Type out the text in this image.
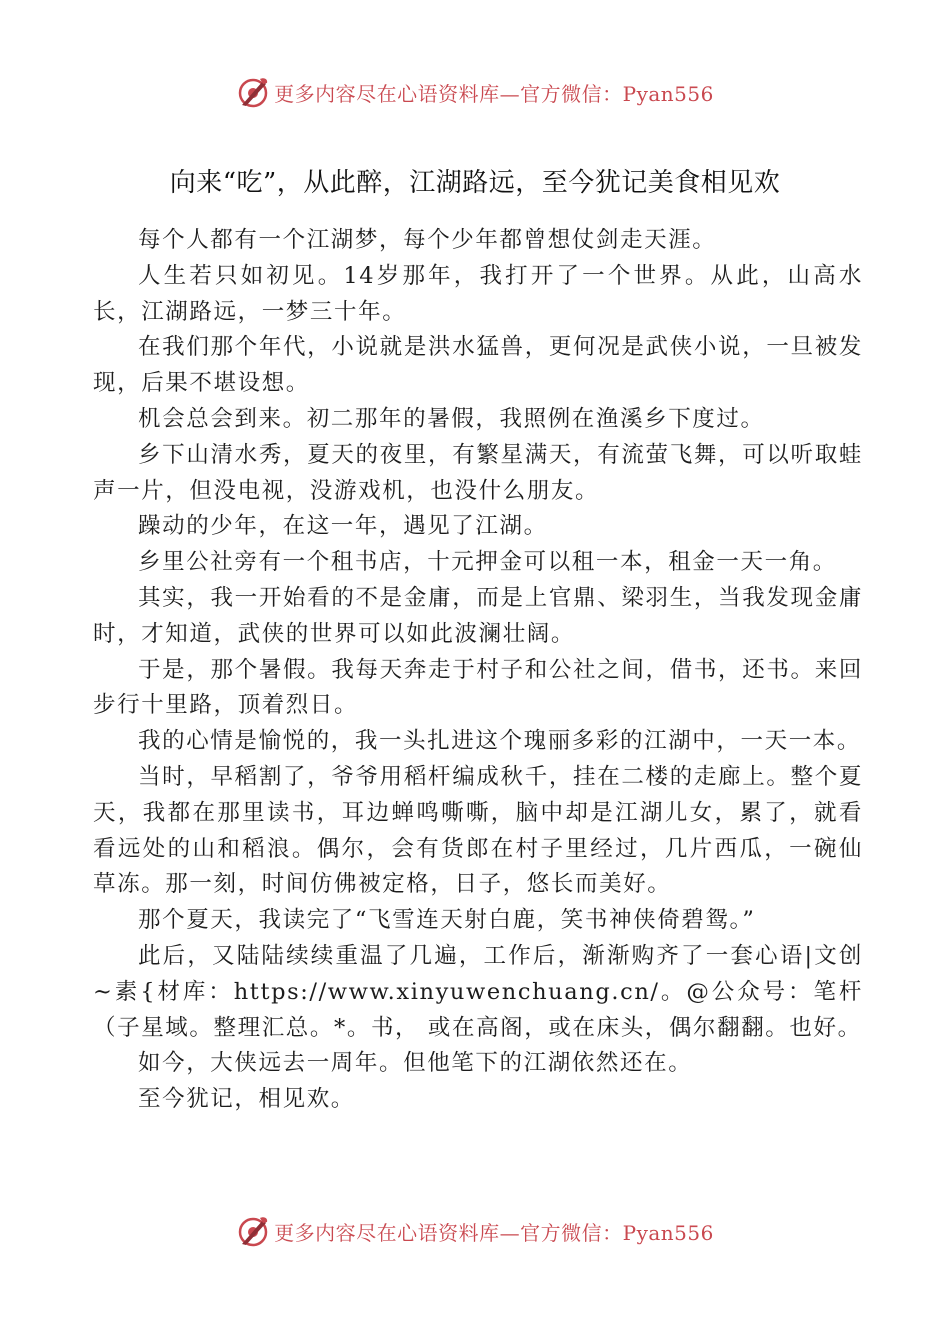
更多内容尽在心语资料库—官方微信：Pyan556
向来“吃”，从此醉，江湖路远，至今犹记美食相见欢

每个人都有一个江湖梦，每个少年都曾想仗剑走天涯。

人生若只如初见。14岁那年，我打开了一个世界。从此，山高水长，江湖路远，一梦三十年。

在我们那个年代，小说就是洪水猛兽，更何况是武侠小说，一旦被发现，后果不堪设想。

机会总会到来。初二那年的暑假，我照例在渔溪乡下度过。

乡下山清水秀，夏天的夜里，有繁星满天，有流萤飞舞，可以听取蛙声一片，但没电视，没游戏机，也没什么朋友。

躁动的少年，在这一年，遇见了江湖。

乡里公社旁有一个租书店，十元押金可以租一本，租金一天一角。

其实，我一开始看的不是金庸，而是上官鼎、梁羽生，当我发现金庸时，才知道，武侠的世界可以如此波澜壮阔。

于是，那个暑假。我每天奔走于村子和公社之间，借书，还书。来回步行十里路，顶着烈日。

我的心情是愉悦的，我一头扎进这个瑰丽多彩的江湖中，一天一本。

当时，早稻割了，爷爷用稻杆编成秋千，挂在二楼的走廊上。整个夏天，我都在那里读书，耳边蝉鸣嘶嘶，脑中却是江湖儿女，累了，就看看远处的山和稻浪。偶尔，会有货郎在村子里经过，几片西瓜，一碗仙草冻。那一刻，时间仿佛被定格，日子，悠长而美好。

那个夏天，我读完了“飞雪连天射白鹿，笑书神侠倚碧鸳。”

此后，又陆陆续续重温了几遍，工作后，渐渐购齐了一套心语|文创~素{材库：https://www.xinyuwenchuang.cn/。@公众号：笔杆（子星域。整理汇总。*。书， 或在高阁，或在床头，偶尔翻翻。也好。

如今，大侠远去一周年。但他笔下的江湖依然还在。

至今犹记，相见欢。

更多内容尽在心语资料库—官方微信：Pyan556
